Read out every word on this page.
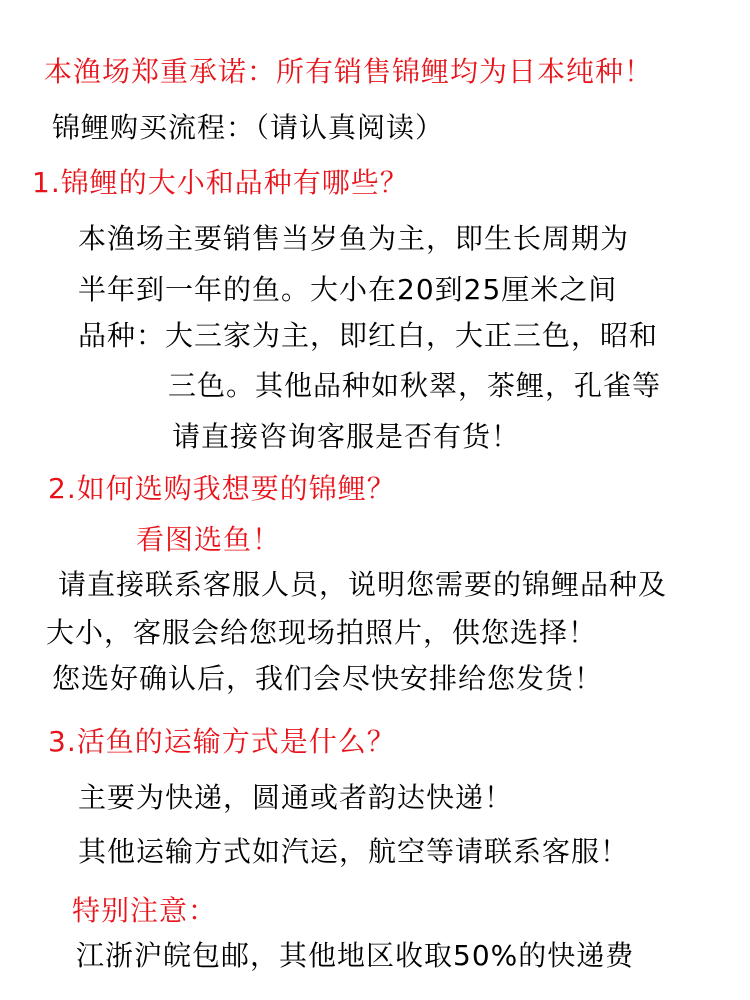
本渔场郑重承诺：所有销售锦鲤均为日本纯种！
锦鲤购买流程：（请认真阅读）
1.锦鲤的大小和品种有哪些？
本渔场主要销售当岁鱼为主，即生长周期为
半年到一年的鱼。大小在20到25厘米之间
品种：大三家为主，即红白，大正三色，昭和
三色。其他品种如秋翠，茶鲤，孔雀等
请直接咨询客服是否有货！
2.如何选购我想要的锦鲤？
看图选鱼！
请直接联系客服人员，说明您需要的锦鲤品种及
大小，客服会给您现场拍照片，供您选择！
您选好确认后，我们会尽快安排给您发货！
3.活鱼的运输方式是什么？
主要为快递，圆通或者韵达快递！
其他运输方式如汽运，航空等请联系客服！
特别注意：
江浙沪皖包邮，其他地区收取50%的快递费
